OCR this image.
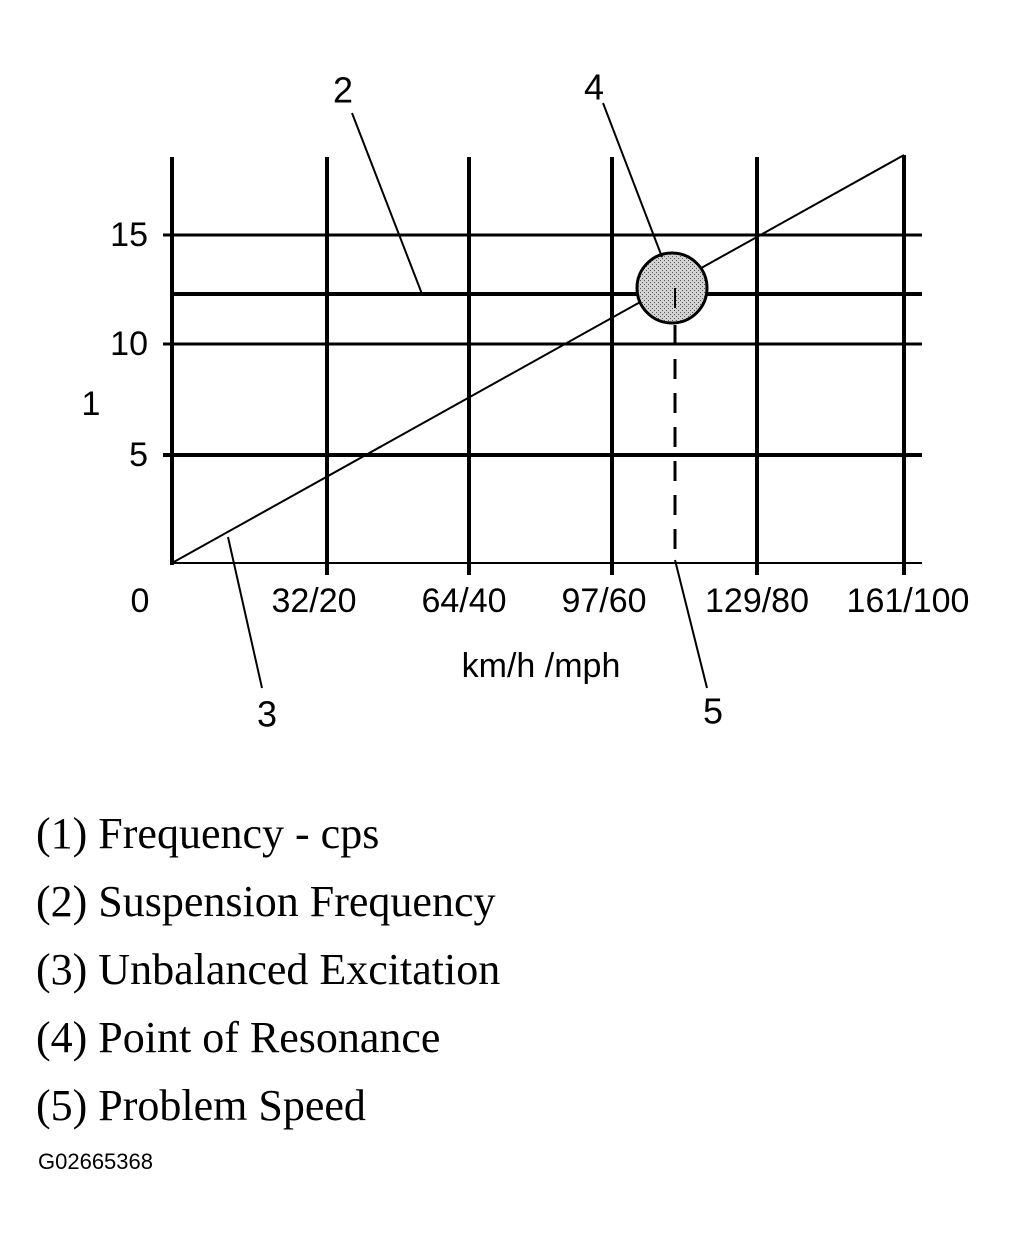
0
5
10
15
1
32/20 64/40 97/60 129/80 161/100
km/h /mph
2	4
3	5
(1) Frequency - cps
(2) Suspension Frequency
(3) Unbalanced Excitation
(4) Point of Resonance
(5) Problem Speed
G02665368
